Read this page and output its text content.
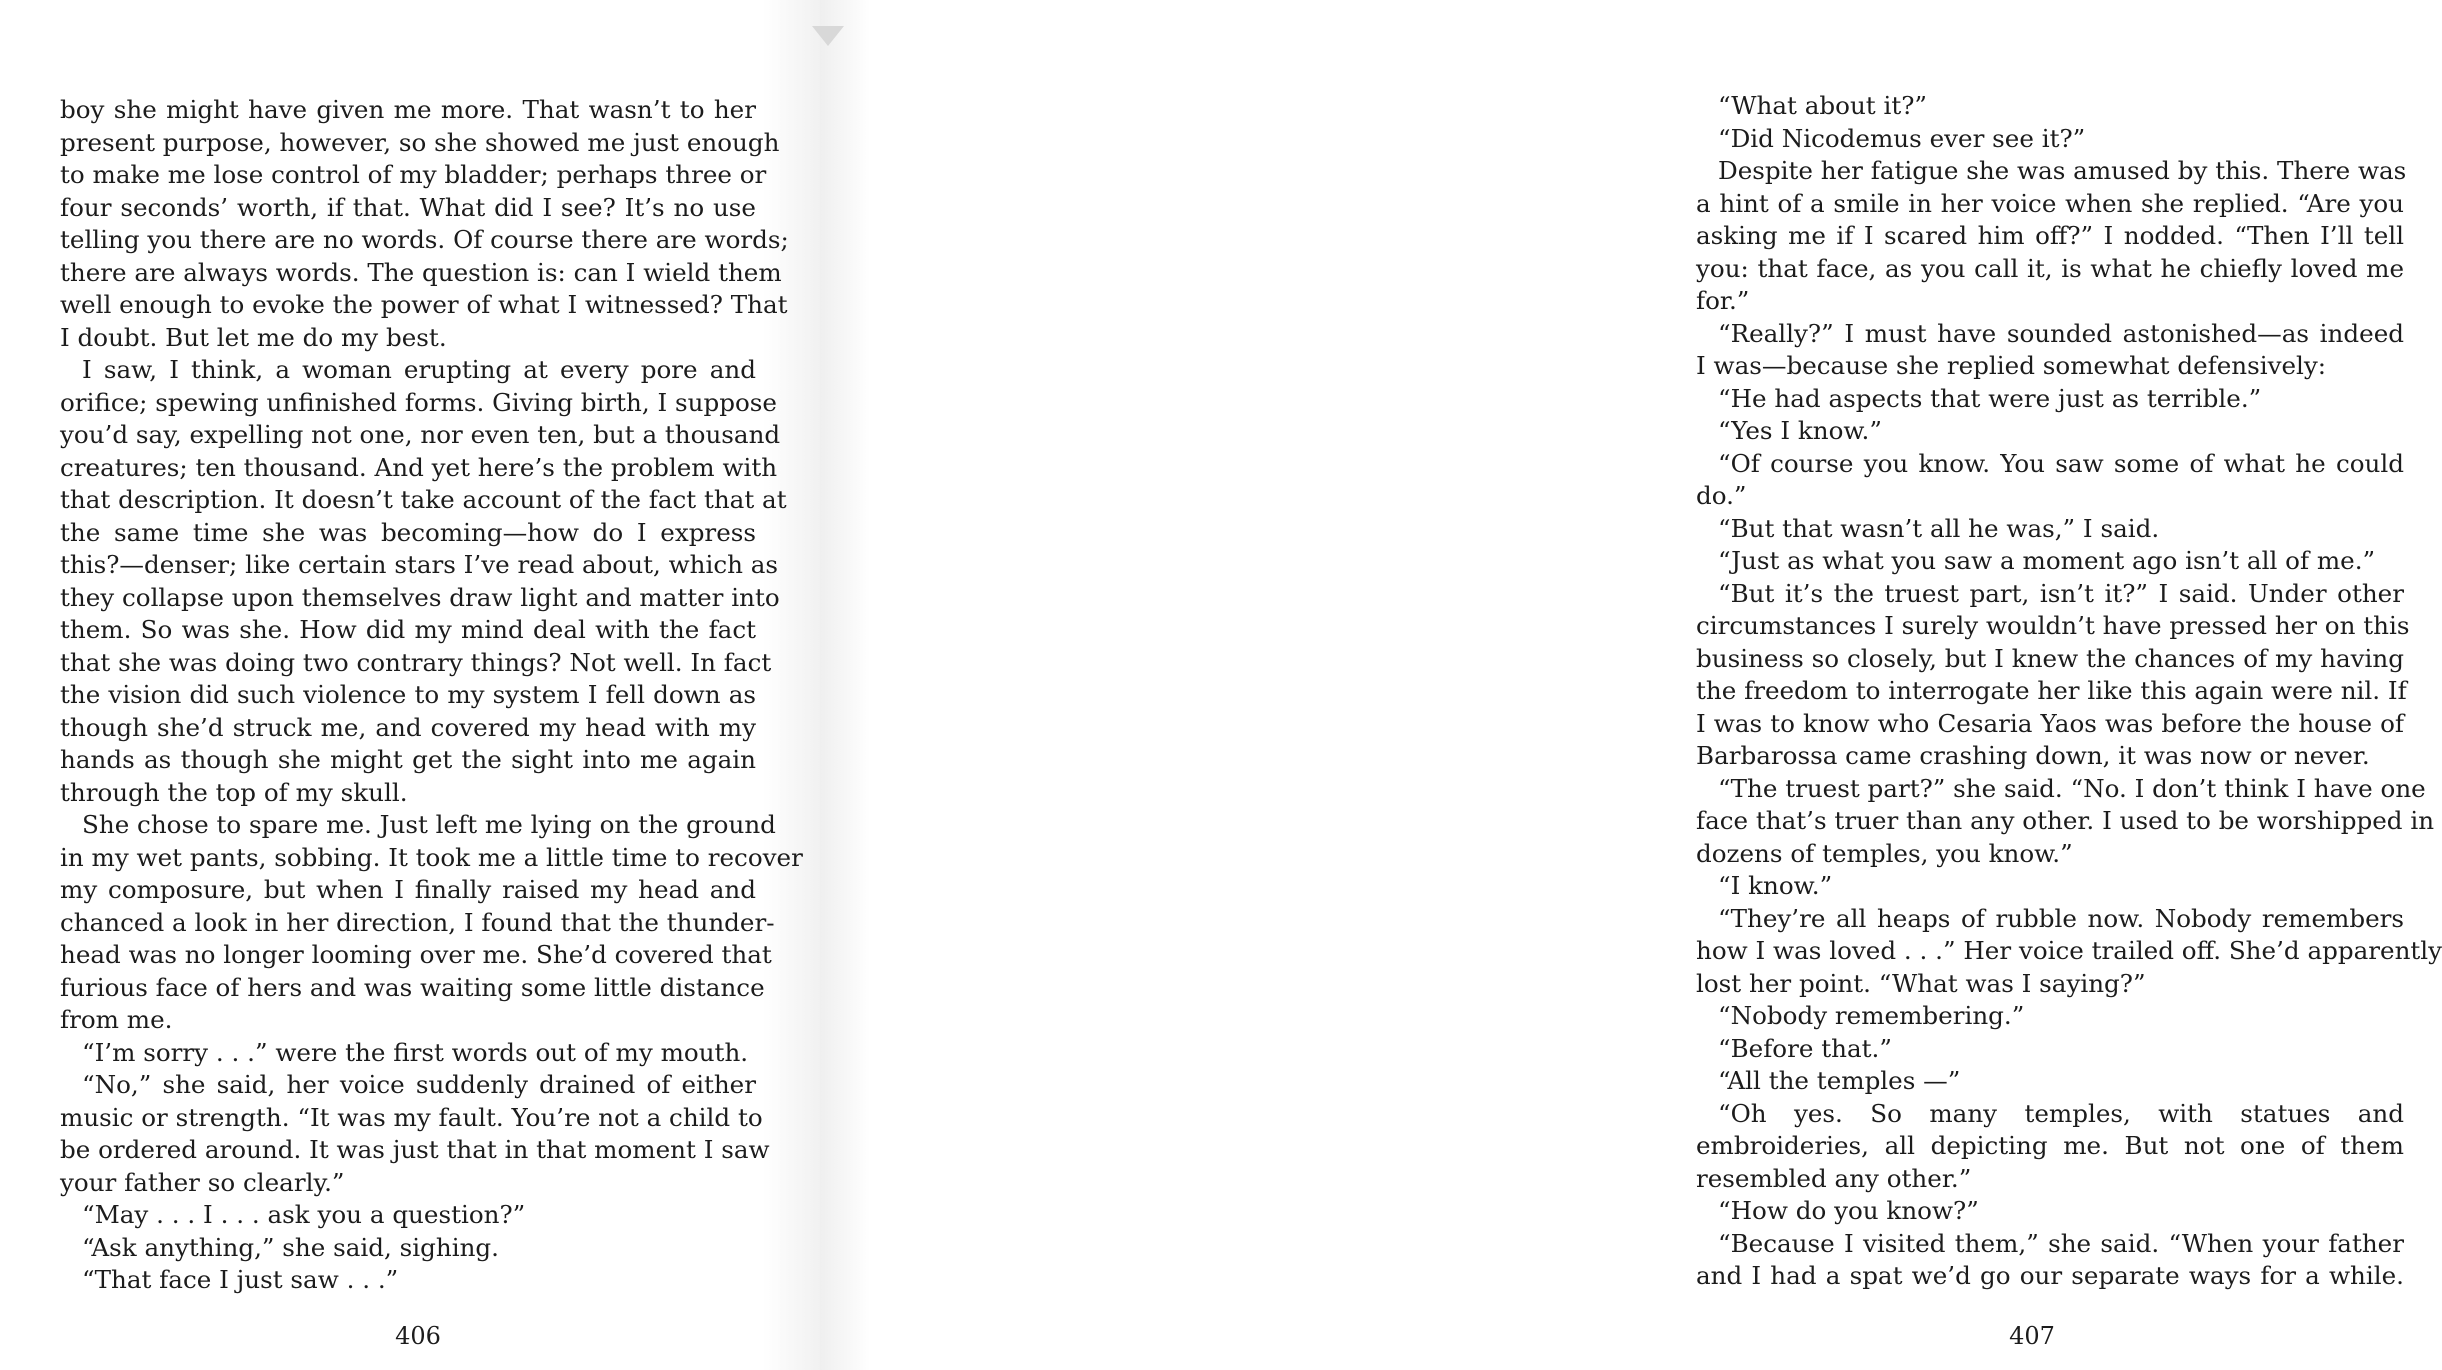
boy she might have given me more. That wasn’t to her
present purpose, however, so she showed me just enough
to make me lose control of my bladder; perhaps three or
four seconds’ worth, if that. What did I see? It’s no use
telling you there are no words. Of course there are words;
there are always words. The question is: can I wield them
well enough to evoke the power of what I witnessed? That
I doubt. But let me do my best.
I saw, I think, a woman erupting at every pore and
orifice; spewing unfinished forms. Giving birth, I suppose
you’d say, expelling not one, nor even ten, but a thousand
creatures; ten thousand. And yet here’s the problem with
that description. It doesn’t take account of the fact that at
the same time she was becoming—how do I express
this?—denser; like certain stars I’ve read about, which as
they collapse upon themselves draw light and matter into
them. So was she. How did my mind deal with the fact
that she was doing two contrary things? Not well. In fact
the vision did such violence to my system I fell down as
though she’d struck me, and covered my head with my
hands as though she might get the sight into me again
through the top of my skull.
She chose to spare me. Just left me lying on the ground
in my wet pants, sobbing. It took me a little time to recover
my composure, but when I finally raised my head and
chanced a look in her direction, I found that the thunder-
head was no longer looming over me. She’d covered that
furious face of hers and was waiting some little distance
from me.
“I’m sorry . . .” were the first words out of my mouth.
“No,” she said, her voice suddenly drained of either
music or strength. “It was my fault. You’re not a child to
be ordered around. It was just that in that moment I saw
your father so clearly.”
“May . . . I . . . ask you a question?”
“Ask anything,” she said, sighing.
“That face I just saw . . .”
406
“What about it?”
“Did Nicodemus ever see it?”
Despite her fatigue she was amused by this. There was
a hint of a smile in her voice when she replied. “Are you
asking me if I scared him off?” I nodded. “Then I’ll tell
you: that face, as you call it, is what he chiefly loved me
for.”
“Really?” I must have sounded astonished—as indeed
I was—because she replied somewhat defensively:
“He had aspects that were just as terrible.”
“Yes I know.”
“Of course you know. You saw some of what he could
do.”
“But that wasn’t all he was,” I said.
“Just as what you saw a moment ago isn’t all of me.”
“But it’s the truest part, isn’t it?” I said. Under other
circumstances I surely wouldn’t have pressed her on this
business so closely, but I knew the chances of my having
the freedom to interrogate her like this again were nil. If
I was to know who Cesaria Yaos was before the house of
Barbarossa came crashing down, it was now or never.
“The truest part?” she said. “No. I don’t think I have one
face that’s truer than any other. I used to be worshipped in
dozens of temples, you know.”
“I know.”
“They’re all heaps of rubble now. Nobody remembers
how I was loved . . .” Her voice trailed off. She’d apparently
lost her point. “What was I saying?”
“Nobody remembering.”
“Before that.”
“All the temples —”
“Oh yes. So many temples, with statues and
embroideries, all depicting me. But not one of them
resembled any other.”
“How do you know?”
“Because I visited them,” she said. “When your father
and I had a spat we’d go our separate ways for a while.
407
